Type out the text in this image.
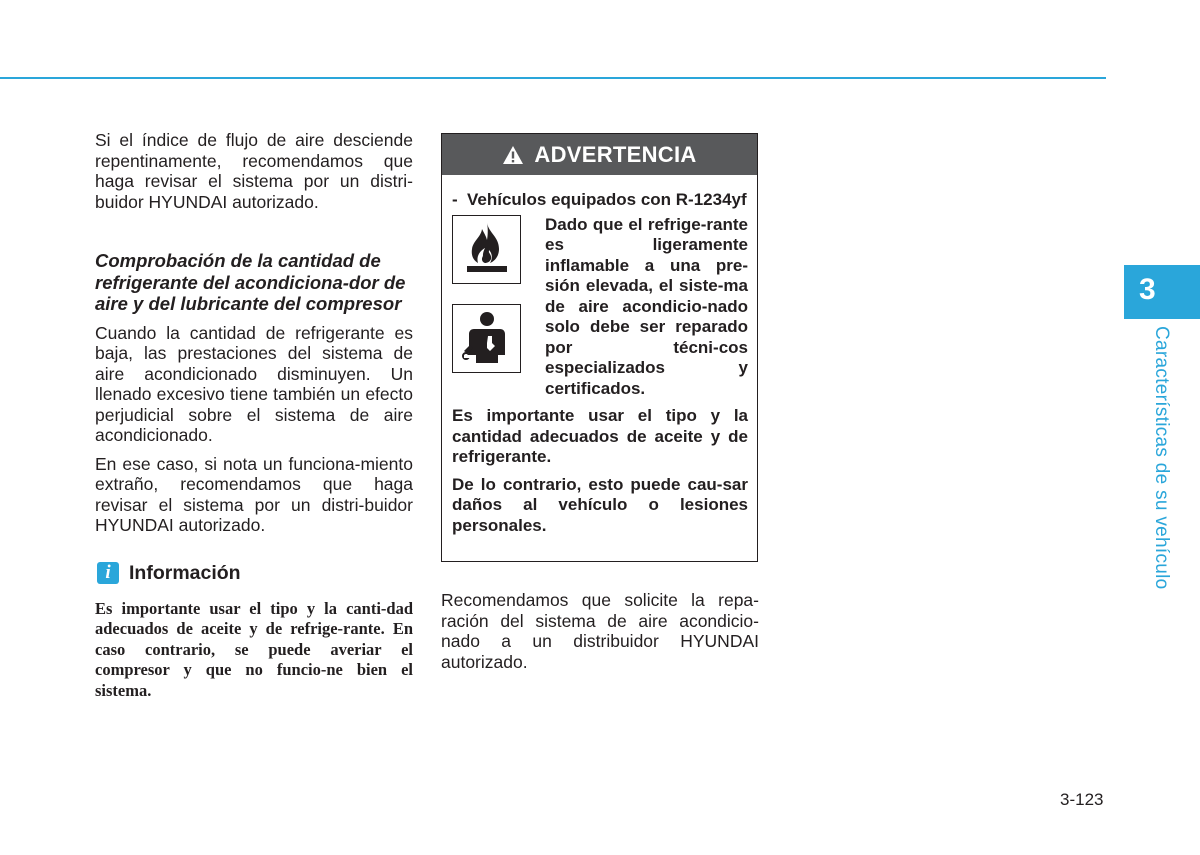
Si el índice de flujo de aire desciende repentinamente, recomendamos que haga revisar el sistema por un distri-buidor HYUNDAI autorizado.

Comprobación de la cantidad de refrigerante del acondiciona-dor de aire y del lubricante del compresor

Cuando la cantidad de refrigerante es baja, las prestaciones del sistema de aire acondicionado disminuyen. Un llenado excesivo tiene también un efecto perjudicial sobre el sistema de aire acondicionado.

En ese caso, si nota un funciona-miento extraño, recomendamos que haga revisar el sistema por un distri-buidor HYUNDAI autorizado.

i Información
Es importante usar el tipo y la canti-dad adecuados de aceite y de refrige-rante. En caso contrario, se puede averiar el compresor y que no funcio-ne bien el sistema.
ADVERTENCIA
- Vehículos equipados con R-1234yf
Dado que el refrige-rante es ligeramente inflamable a una pre-sión elevada, el siste-ma de aire acondicio-nado solo debe ser reparado por técni-cos especializados y certificados.
Es importante usar el tipo y la cantidad adecuados de aceite y de refrigerante.
De lo contrario, esto puede cau-sar daños al vehículo o lesiones personales.
Recomendamos que solicite la repa-ración del sistema de aire acondicio-nado a un distribuidor HYUNDAI autorizado.
3
Características de su vehículo
3-123
